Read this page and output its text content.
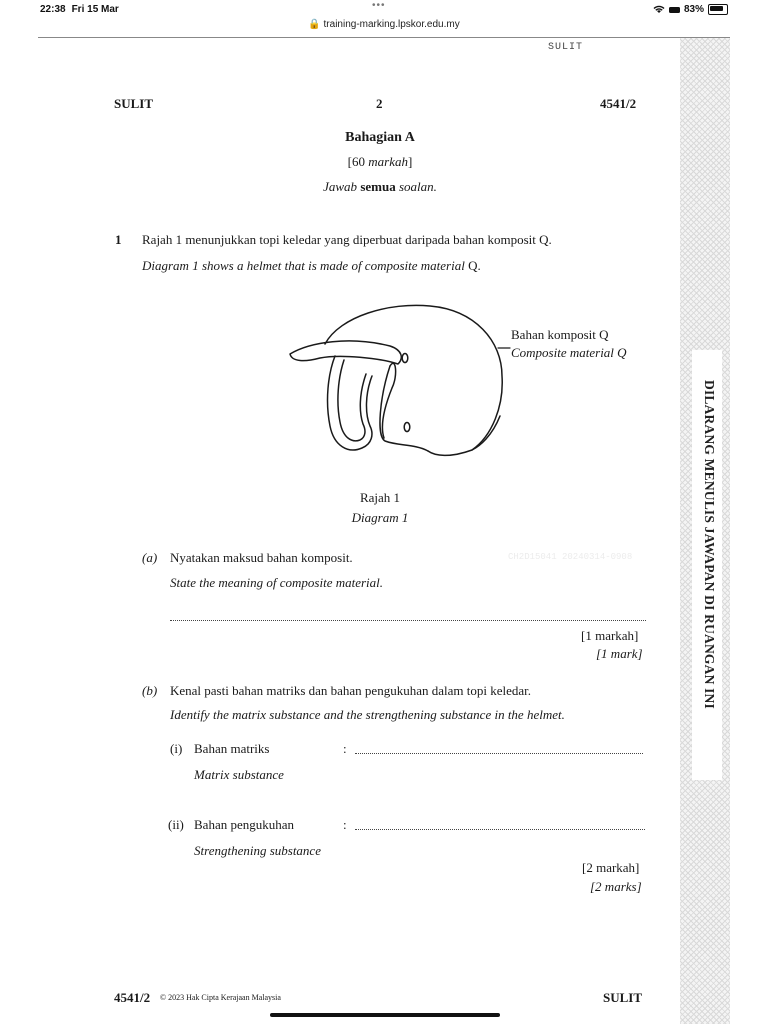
22:38 Fri 15 Mar	•••
🔒 training-marking.lpskor.edu.my
83%
DILARANG MENULIS JAWAPAN DI RUANGAN INI
SULIT
SULIT	2	4541/2
Bahagian A
[60 markah]
Jawab semua soalan.
1 Rajah 1 menunjukkan topi keledar yang diperbuat daripada bahan komposit Q.
Diagram 1 shows a helmet that is made of composite material Q.
Bahan komposit Q
Composite material Q
Rajah 1
Diagram 1
(a) Nyatakan maksud bahan komposit.
State the meaning of composite material.
CH2D15041 20240314-0908
[1 markah]
[1 mark]
(b) Kenal pasti bahan matriks dan bahan pengukuhan dalam topi keledar.
Identify the matrix substance and the strengthening substance in the helmet.
(i) Bahan matriks	:
Matrix substance
(ii) Bahan pengukuhan	:
Strengthening substance
[2 markah]
[2 marks]
4541/2 © 2023 Hak Cipta Kerajaan Malaysia	SULIT
